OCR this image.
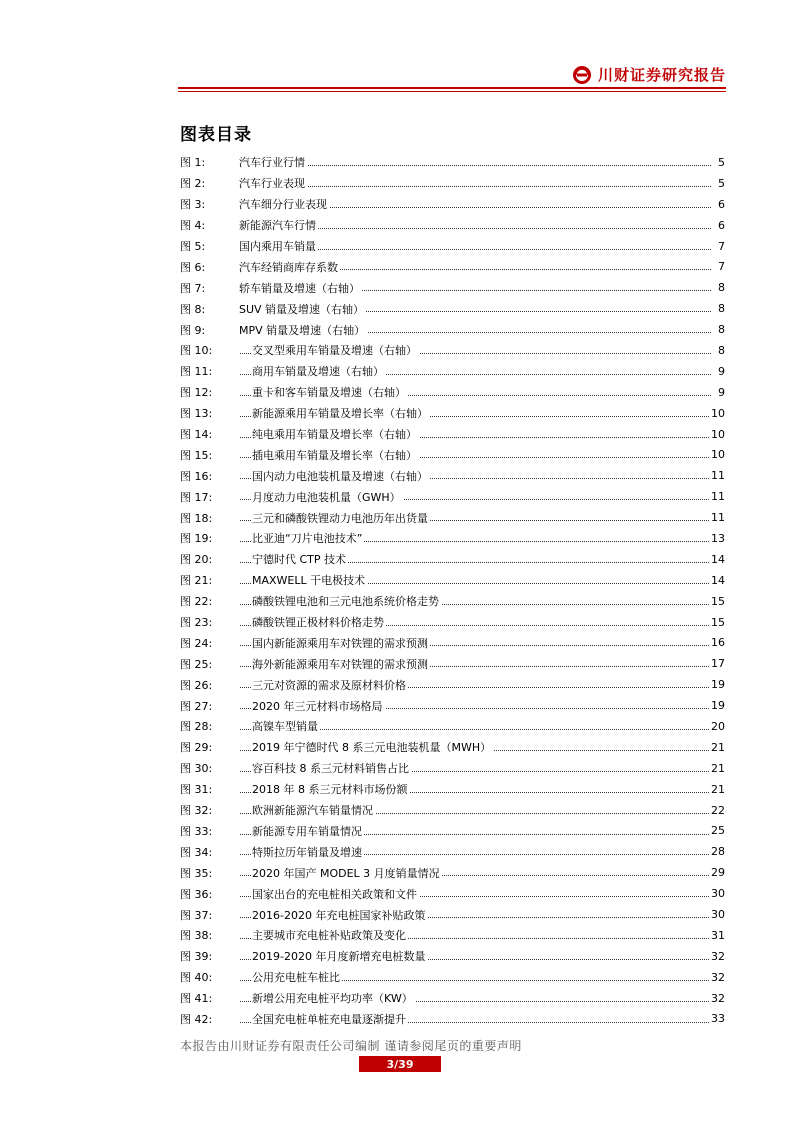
川财证券研究报告
图表目录
图 1:	汽车行业行情	5
图 2:	汽车行业表现	5
图 3:	汽车细分行业表现	6
图 4:	新能源汽车行情	6
图 5:	国内乘用车销量	7
图 6:	汽车经销商库存系数	7
图 7:	轿车销量及增速（右轴）	8
图 8:	SUV 销量及增速（右轴）	8
图 9:	MPV 销量及增速（右轴）	8
图 10:	交叉型乘用车销量及增速（右轴）	8
图 11:	商用车销量及增速（右轴）	9
图 12:	重卡和客车销量及增速（右轴）	9
图 13:	新能源乘用车销量及增长率（右轴）	10
图 14:	纯电乘用车销量及增长率（右轴）	10
图 15:	插电乘用车销量及增长率（右轴）	10
图 16:	国内动力电池装机量及增速（右轴）	11
图 17:	月度动力电池装机量（GWH）	11
图 18:	三元和磷酸铁锂动力电池历年出货量	11
图 19:	比亚迪“刀片电池技术”	13
图 20:	宁德时代 CTP 技术	14
图 21:	MAXWELL 干电极技术	14
图 22:	磷酸铁锂电池和三元电池系统价格走势	15
图 23:	磷酸铁锂正极材料价格走势	15
图 24:	国内新能源乘用车对铁锂的需求预测	16
图 25:	海外新能源乘用车对铁锂的需求预测	17
图 26:	三元对资源的需求及原材料价格	19
图 27:	2020 年三元材料市场格局	19
图 28:	高镍车型销量	20
图 29:	2019 年宁德时代 8 系三元电池装机量（MWH）	21
图 30:	容百科技 8 系三元材料销售占比	21
图 31:	2018 年 8 系三元材料市场份额	21
图 32:	欧洲新能源汽车销量情况	22
图 33:	新能源专用车销量情况	25
图 34:	特斯拉历年销量及增速	28
图 35:	2020 年国产 MODEL 3 月度销量情况	29
图 36:	国家出台的充电桩相关政策和文件	30
图 37:	2016-2020 年充电桩国家补贴政策	30
图 38:	主要城市充电桩补贴政策及变化	31
图 39:	2019-2020 年月度新增充电桩数量	32
图 40:	公用充电桩车桩比	32
图 41:	新增公用充电桩平均功率（KW）	32
图 42:	全国充电桩单桩充电量逐渐提升	33
本报告由川财证券有限责任公司编制 谨请参阅尾页的重要声明
3/39
